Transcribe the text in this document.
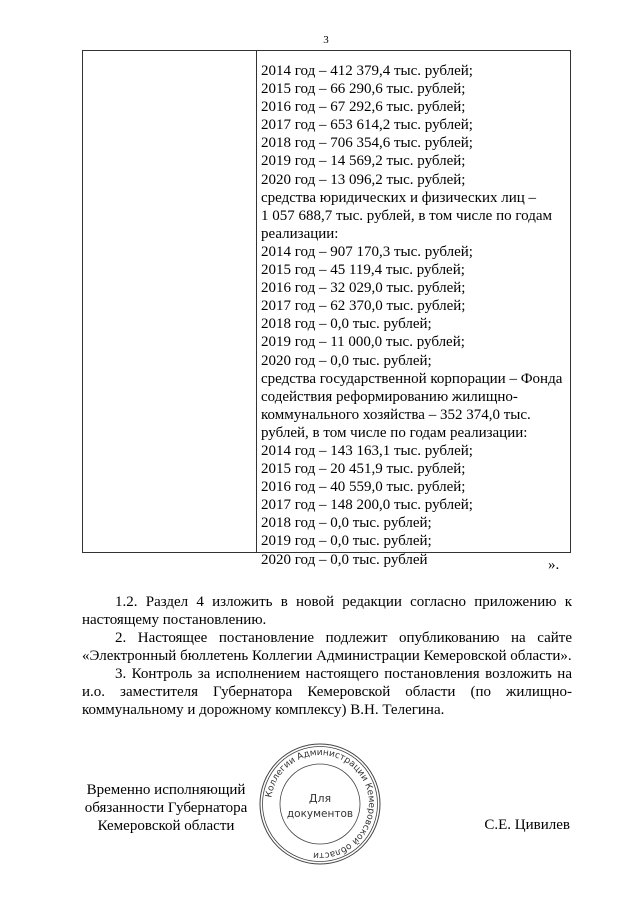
3
2014 год – 412 379,4 тыс. рублей;
2015 год – 66 290,6 тыс. рублей;
2016 год – 67 292,6 тыс. рублей;
2017 год – 653 614,2 тыс. рублей;
2018 год – 706 354,6 тыс. рублей;
2019 год – 14 569,2 тыс. рублей;
2020 год – 13 096,2 тыс. рублей;
средства юридических и физических лиц –
1 057 688,7 тыс. рублей, в том числе по годам
реализации:
2014 год – 907 170,3 тыс. рублей;
2015 год – 45 119,4 тыс. рублей;
2016 год – 32 029,0 тыс. рублей;
2017 год – 62 370,0 тыс. рублей;
2018 год – 0,0 тыс. рублей;
2019 год – 11 000,0 тыс. рублей;
2020 год – 0,0 тыс. рублей;
средства государственной корпорации – Фонда
содействия реформированию жилищно-
коммунального хозяйства – 352 374,0 тыс.
рублей, в том числе по годам реализации:
2014 год – 143 163,1 тыс. рублей;
2015 год – 20 451,9 тыс. рублей;
2016 год – 40 559,0 тыс. рублей;
2017 год – 148 200,0 тыс. рублей;
2018 год – 0,0 тыс. рублей;
2019 год – 0,0 тыс. рублей;
2020 год – 0,0 тыс. рублей	».

1.2. Раздел 4 изложить в новой редакции согласно приложению к настоящему постановлению.

2. Настоящее постановление подлежит опубликованию на сайте «Электронный бюллетень Коллегии Администрации Кемеровской области».

3. Контроль за исполнением настоящего постановления возложить на и.о. заместителя Губернатора Кемеровской области (по жилищно-коммунальному и дорожному комплексу) В.Н. Телегина.

Временно исполняющий
обязанности Губернатора
Кемеровской области
Коллегии Администрации Кемеровской области
Для
документов
С.Е. Цивилев
